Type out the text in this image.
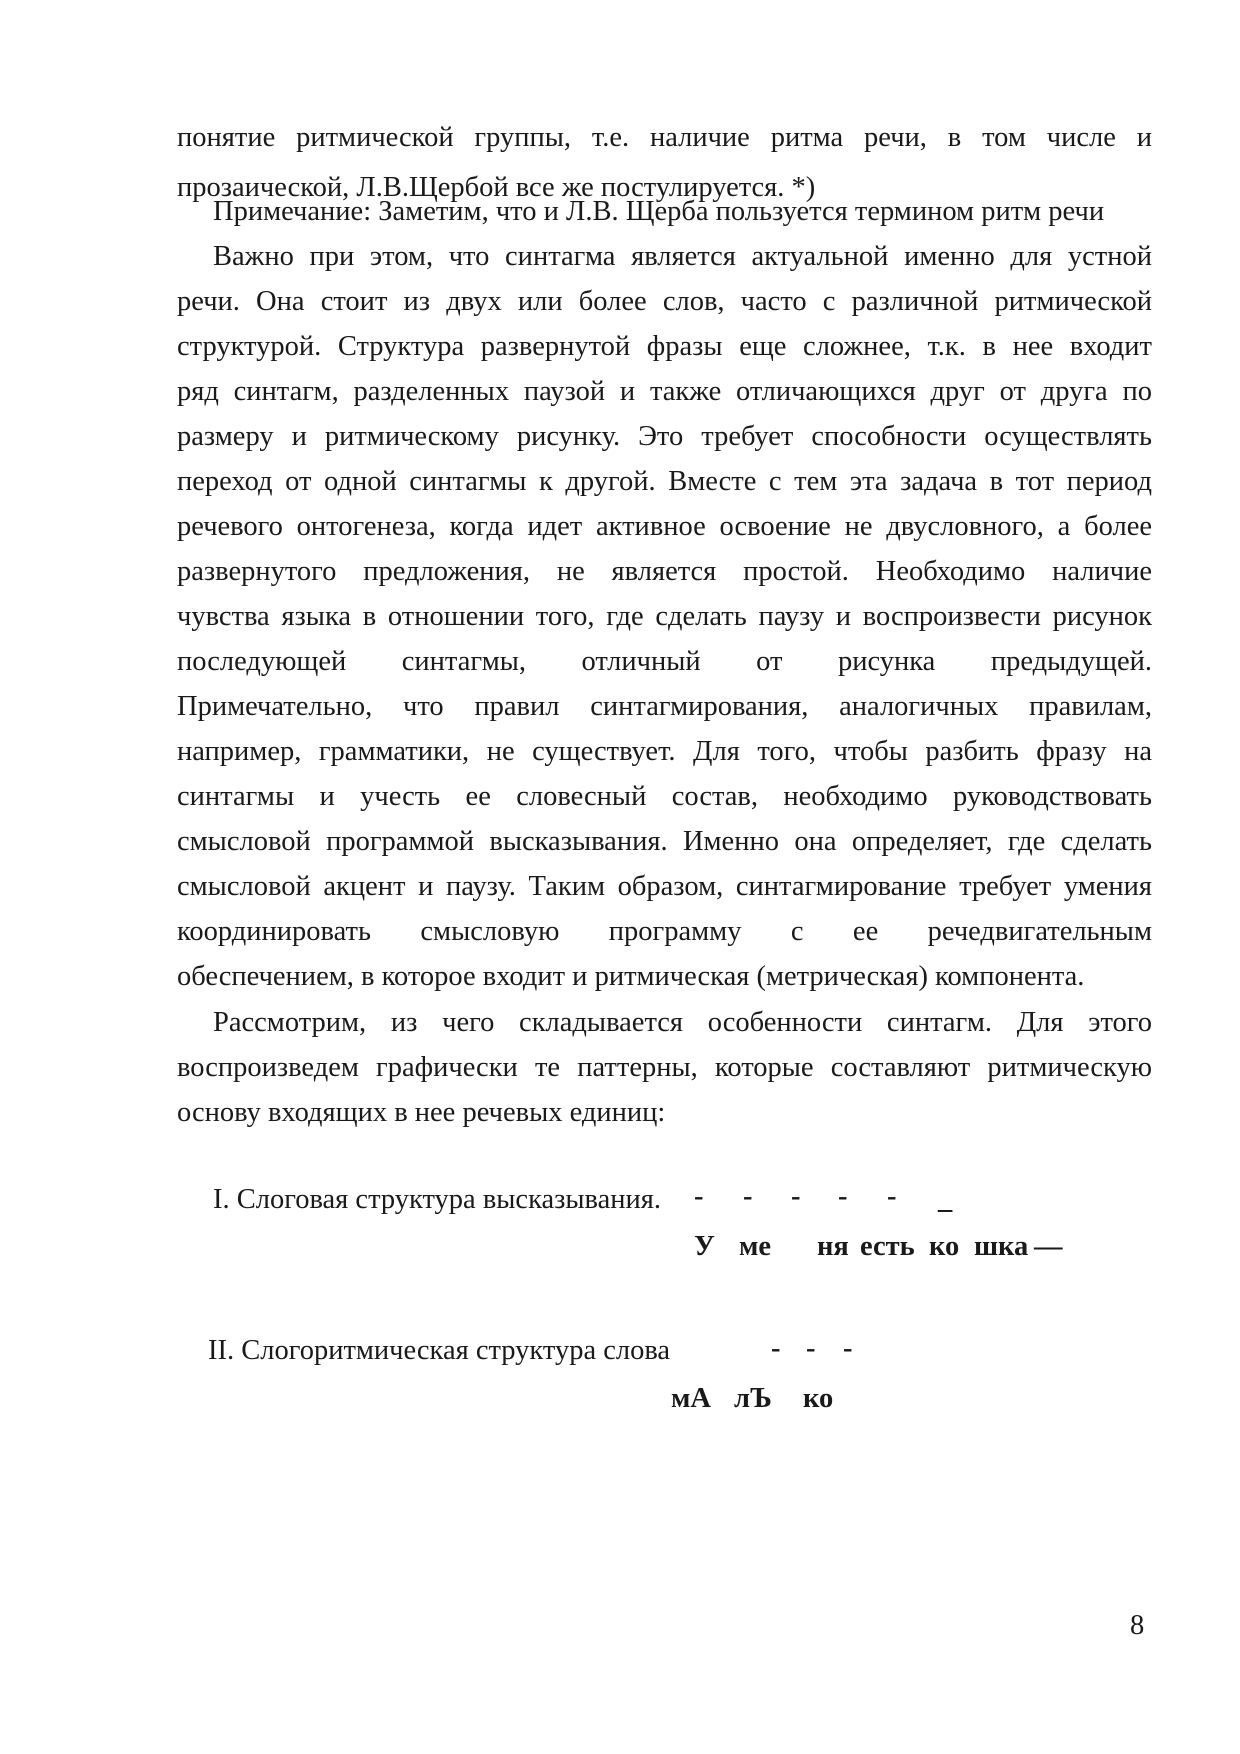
понятие ритмической группы, т.е. наличие ритма речи, в том числе и
прозаической, Л.В.Щербой все же постулируется. *)
Примечание: Заметим, что и Л.В. Щерба пользуется термином ритм речи
Важно при этом, что синтагма является актуальной именно для устной
речи. Она стоит из двух или более слов, часто с различной ритмической
структурой. Структура развернутой фразы еще сложнее, т.к. в нее входит
ряд синтагм, разделенных паузой и также отличающихся друг от друга по
размеру и ритмическому рисунку. Это требует способности осуществлять
переход от одной синтагмы к другой. Вместе с тем эта задача в тот период
речевого онтогенеза, когда идет активное освоение не двусловного, а более
развернутого предложения, не является простой. Необходимо наличие
чувства языка в отношении того, где сделать паузу и воспроизвести рисунок
последующей синтагмы, отличный от рисунка предыдущей.
Примечательно, что правил синтагмирования, аналогичных правилам,
например, грамматики, не существует. Для того, чтобы разбить фразу на
синтагмы и учесть ее словесный состав, необходимо руководствовать
смысловой программой высказывания. Именно она определяет, где сделать
смысловой акцент и паузу. Таким образом, синтагмирование требует умения
координировать смысловую программу с ее речедвигательным
обеспечением, в которое входит и ритмическая (метрическая) компонента.
Рассмотрим, из чего складывается особенности синтагм. Для этого
воспроизведем графически те паттерны, которые составляют ритмическую
основу входящих в нее речевых единиц:
I. Слоговая структура высказывания. - - - - - _
У ме ня есть ко шка —
II. Слогоритмическая структура слова	- - -
мА лЪ ко
8
